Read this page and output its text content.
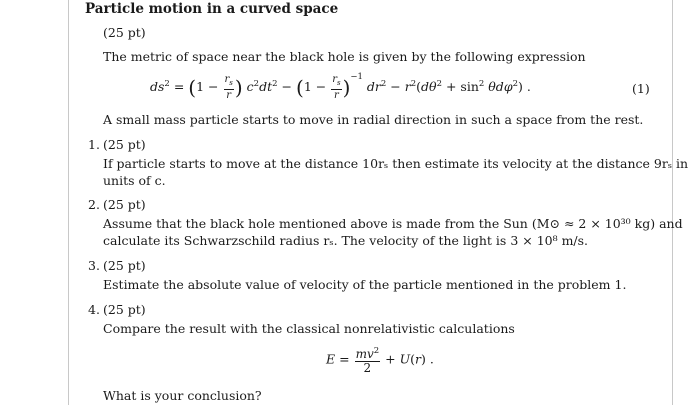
Particle motion in a curved space
(25 pt)
The metric of space near the black hole is given by the following expression
$ds^2 = (1 - \frac{r_s}{r}$ ) $c^2dt^2 - (1 - \frac{r_s}{r} )^{-1}$ $dr^2 - r^2(d\theta^2 + \sin^2 \theta d\varphi^2)$ .	(1)
A small mass particle starts to move in radial direction in such a space from the rest.
1. (25 pt)
If particle starts to move at the distance 10rₛ then estimate its velocity at the distance 9rₛ in
units of c.
2. (25 pt)
Assume that the black hole mentioned above is made from the Sun (M⊙ ≈ 2 × 10³⁰ kg) and
calculate its Schwarzschild radius rₛ. The velocity of the light is 3 × 10⁸ m/s.
3. (25 pt)
Estimate the absolute value of velocity of the particle mentioned in the problem 1.
4. (25 pt)
Compare the result with the classical nonrelativistic calculations
$E = \frac{mv^2}{2} + U(r)$ .
What is your conclusion?
